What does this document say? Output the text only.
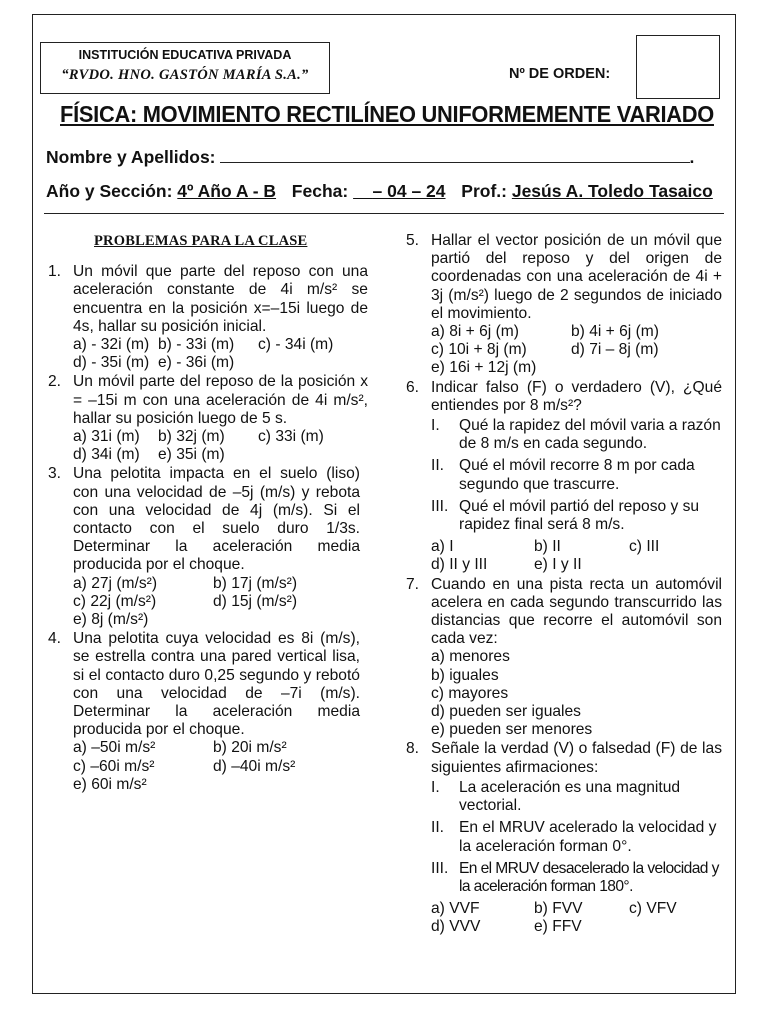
INSTITUCIÓN EDUCATIVA PRIVADA
“RVDO. HNO. GASTÓN MARÍA S.A.”	Nº DE ORDEN:
FÍSICA: MOVIMIENTO RECTILÍNEO UNIFORMEMENTE VARIADO
Nombre y Apellidos:	.
Año y Sección: 4º Año A - B Fecha: – 04 – 24 Prof.: Jesús A. Toledo Tasaico
PROBLEMAS PARA LA CLASE
1. Un móvil que parte del reposo con una aceleración constante de 4i m/s² se encuentra en la posición x=–15i luego de 4s, hallar su posición inicial.
a) - 32i (m) b) - 33i (m)	c) - 34i (m)
d) - 35i (m) e) - 36i (m)
2. Un móvil parte del reposo de la posición x = –15i m con una aceleración de 4i m/s², hallar su posición luego de 5 s.
a) 31i (m)	b) 32j (m)	c) 33i (m)
d) 34i (m)	e) 35i (m)
3. Una pelotita impacta en el suelo (liso) con una velocidad de –5j (m/s) y rebota con una velocidad de 4j (m/s). Si el contacto con el suelo duro 1/3s. Determinar la aceleración media producida por el choque.
a) 27j (m/s²)	b) 17j (m/s²)
c) 22j (m/s²)	d) 15j (m/s²)
e) 8j (m/s²)
4. Una pelotita cuya velocidad es 8i (m/s), se estrella contra una pared vertical lisa, si el contacto duro 0,25 segundo y rebotó con una velocidad de –7i (m/s). Determinar la aceleración media producida por el choque.
a) –50i m/s²	b) 20i m/s²
c) –60i m/s²	d) –40i m/s²
e) 60i m/s²
5. Hallar el vector posición de un móvil que partió del reposo y del origen de coordenadas con una aceleración de 4i + 3j (m/s²) luego de 2 segundos de iniciado el movimiento.
a) 8i + 6j (m)	b) 4i + 6j (m)
c) 10i + 8j (m)	d) 7i – 8j (m)
e) 16i + 12j (m)
6. Indicar falso (F) o verdadero (V), ¿Qué entiendes por 8 m/s²?
I.	Qué la rapidez del móvil varia a razón de 8 m/s en cada segundo.
II. Qué el móvil recorre 8 m por cada segundo que trascurre.
III. Qué el móvil partió del reposo y su rapidez final será 8 m/s.
a) I	b) II	c) III
d) II y III	e) I y II
7. Cuando en una pista recta un automóvil acelera en cada segundo transcurrido las distancias que recorre el automóvil son cada vez:
a) menores
b) iguales
c) mayores
d) pueden ser iguales
e) pueden ser menores
8. Señale la verdad (V) o falsedad (F) de las siguientes afirmaciones:
I.	La aceleración es una magnitud vectorial.
II. En el MRUV acelerado la velocidad y la aceleración forman 0°.
III. En el MRUV desacelerado la velocidad y la aceleración forman 180°.
a) VVF	b) FVV	c) VFV
d) VVV	e) FFV
